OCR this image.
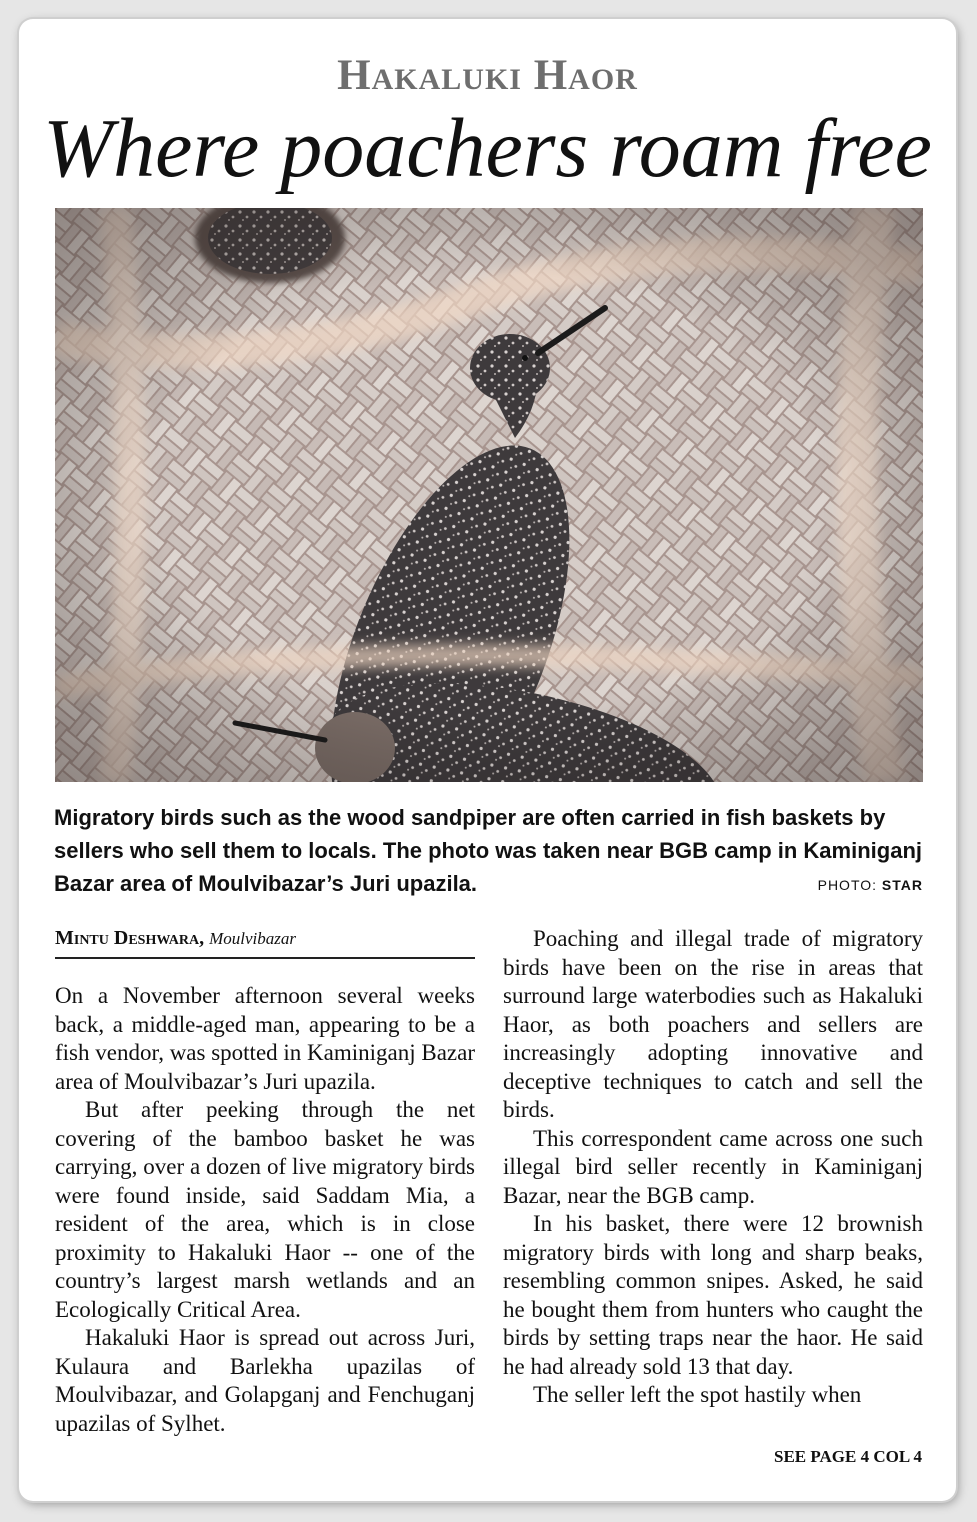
Hakaluki Haor
Where poachers roam free
Migratory birds such as the wood sandpiper are often carried in fish baskets by sellers who sell them to locals. The photo was taken near BGB camp in Kaminiganj Bazar area of Moulvibazar’s Juri upazila.	PHOTO: STAR
Mintu Deshwara, Moulvibazar

On a November afternoon several weeks back, a middle-aged man, appearing to be a fish vendor, was spotted in Kaminiganj Bazar area of Moulvibazar’s Juri upazila.

But after peeking through the net covering of the bamboo basket he was carrying, over a dozen of live migratory birds were found inside, said Saddam Mia, a resident of the area, which is in close proximity to Hakaluki Haor -- one of the country’s largest marsh wetlands and an Ecologically Critical Area.

Hakaluki Haor is spread out across Juri, Kulaura and Barlekha upazilas of Moulvibazar, and Golapganj and Fenchuganj upazilas of Sylhet.

Poaching and illegal trade of migratory birds have been on the rise in areas that surround large waterbodies such as Hakaluki Haor, as both poachers and sellers are increasingly adopting innovative and deceptive techniques to catch and sell the birds.

This correspondent came across one such illegal bird seller recently in Kaminiganj Bazar, near the BGB camp.

In his basket, there were 12 brownish migratory birds with long and sharp beaks, resembling common snipes. Asked, he said he bought them from hunters who caught the birds by setting traps near the haor. He said he had already sold 13 that day.

The seller left the spot hastily when

SEE PAGE 4 COL 4
